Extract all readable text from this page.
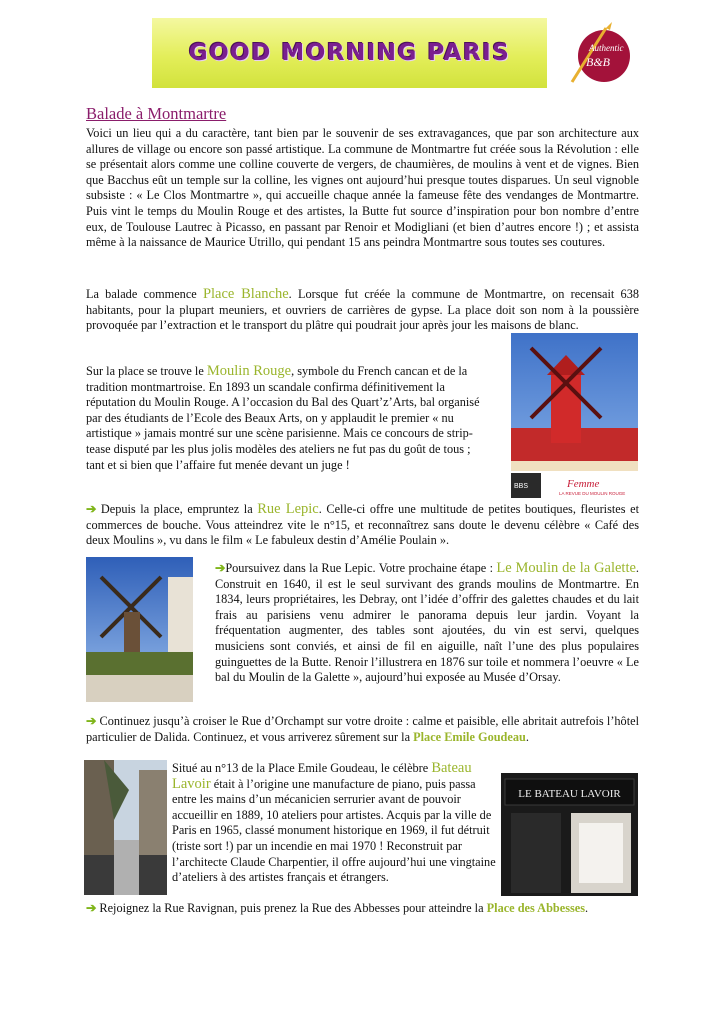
GOOD MORNING PARIS	Authentic
B&B
Balade à Montmartre
Voici un lieu qui a du caractère, tant bien par le souvenir de ses extravagances, que par son architecture aux allures de village ou encore son passé artistique. La commune de Montmartre fut créée sous la Révolution : elle se présentait alors comme une colline couverte de vergers, de chaumières, de moulins à vent et de vignes. Bien que Bacchus eût un temple sur la colline, les vignes ont aujourd’hui presque toutes disparues. Un seul vignoble subsiste : « Le Clos Montmartre », qui accueille chaque année la fameuse fête des vendanges de Montmartre. Puis vint le temps du Moulin Rouge et des artistes, la Butte fut source d’inspiration pour bon nombre d’entre eux, de Toulouse Lautrec à Picasso, en passant par Renoir et Modigliani (et bien d’autres encore !) ; et assista même à la naissance de Maurice Utrillo, qui pendant 15 ans peindra Montmartre sous toutes ses coutures.
La balade commence Place Blanche. Lorsque fut créée la commune de Montmartre, on recensait 638 habitants, pour la plupart meuniers, et ouvriers de carrières de gypse. La place doit son nom à la poussière provoquée par l’extraction et le transport du plâtre qui poudrait jour après jour les maisons de blanc.
Sur la place se trouve le Moulin Rouge, symbole du French cancan et de la tradition montmartroise. En 1893 un scandale confirma définitivement la réputation du Moulin Rouge. A l’occasion du Bal des Quart’z’Arts, bal organisé par des étudiants de l’Ecole des Beaux Arts, on y applaudit le premier « nu artistique » jamais montré sur une scène parisienne. Mais ce concours de strip-tease disputé par les plus jolis modèles des ateliers ne fut pas du goût de tous ; tant et si bien que l’affaire fut menée devant un juge !
Femme
LA REVUE DU MOULIN ROUGE
BBS
➔ Depuis la place, empruntez la Rue Lepic. Celle-ci offre une multitude de petites boutiques, fleuristes et commerces de bouche. Vous atteindrez vite le n°15, et reconnaîtrez sans doute le devenu célèbre « Café des deux Moulins », vu dans le film « Le fabuleux destin d’Amélie Poulain ».
➔Poursuivez dans la Rue Lepic. Votre prochaine étape : Le Moulin de la Galette. Construit en 1640, il est le seul survivant des grands moulins de Montmartre. En 1834, leurs propriétaires, les Debray, ont l’idée d’offrir des galettes chaudes et du lait frais au parisiens venu admirer le panorama depuis leur jardin. Voyant la fréquentation augmenter, des tables sont ajoutées, du vin est servi, quelques musiciens sont conviés, et ainsi de fil en aiguille, naît l’une des plus populaires guinguettes de la Butte. Renoir l’illustrera en 1876 sur toile et nommera l’oeuvre « Le bal du Moulin de la Galette », aujourd’hui exposée au Musée d’Orsay.
➔ Continuez jusqu’à croiser le Rue d’Orchampt sur votre droite : calme et paisible, elle abritait autrefois l’hôtel particulier de Dalida. Continuez, et vous arriverez sûrement sur la Place Emile Goudeau.
Situé au n°13 de la Place Emile Goudeau, le célèbre Bateau Lavoir était à l’origine une manufacture de piano, puis passa entre les mains d’un mécanicien serrurier avant de pouvoir accueillir en 1889, 10 ateliers pour artistes. Acquis par la ville de Paris en 1965, classé monument historique en 1969, il fut détruit (triste sort !) par un incendie en mai 1970 ! Reconstruit par l’architecte Claude Charpentier, il offre aujourd’hui une vingtaine d’ateliers à des artistes français et étrangers.
LE BATEAU LAVOIR
➔ Rejoignez la Rue Ravignan, puis prenez la Rue des Abbesses pour atteindre la Place des Abbesses.
